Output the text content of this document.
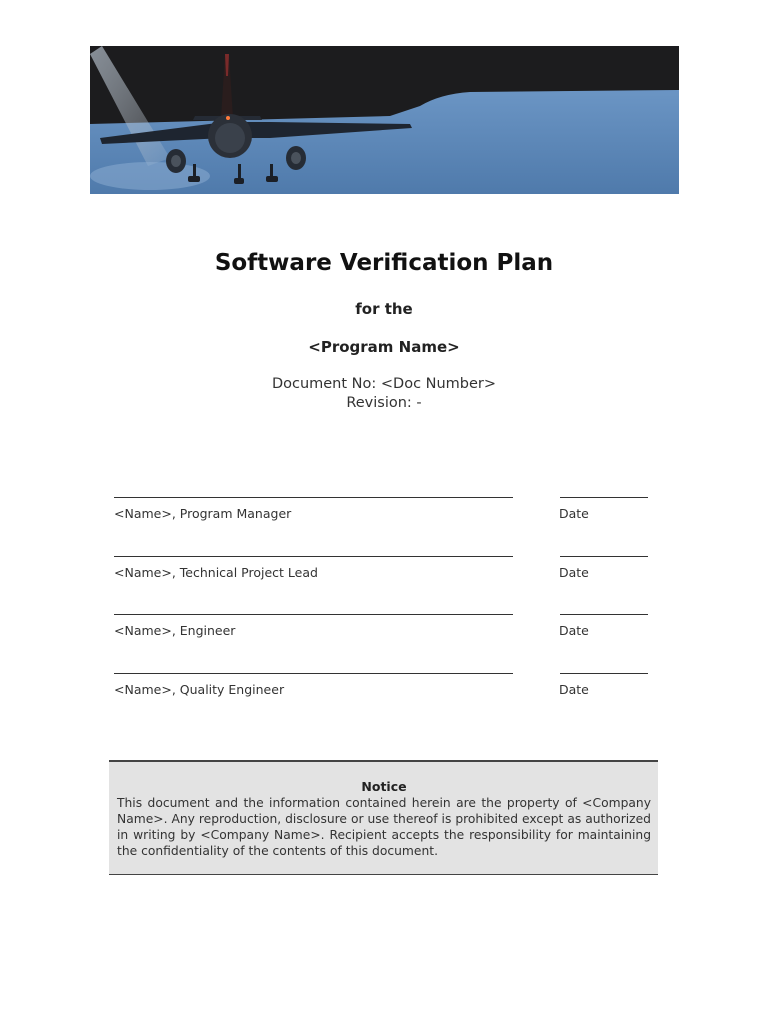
Software Verification Plan
for the
<Program Name>
Document No: <Doc Number>
Revision: -
<Name>, Program Manager	Date
<Name>, Technical Project Lead	Date
<Name>, Engineer	Date
<Name>, Quality Engineer	Date
Notice
This document and the information contained herein are the property of <Company Name>. Any reproduction, disclosure or use thereof is prohibited except as authorized in writing by <Company Name>. Recipient accepts the responsibility for maintaining the confidentiality of the contents of this document.
